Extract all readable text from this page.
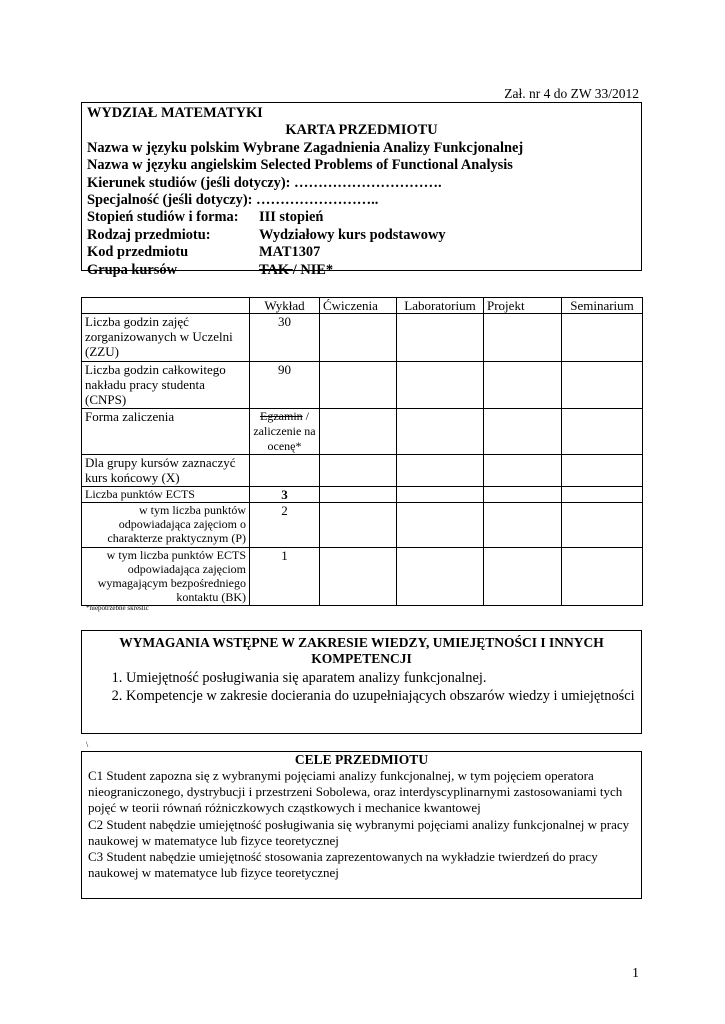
Zał. nr 4 do ZW 33/2012
WYDZIAŁ MATEMATYKI
KARTA PRZEDMIOTU
Nazwa w języku polskim Wybrane Zagadnienia Analizy Funkcjonalnej
Nazwa w języku angielskim Selected Problems of Functional Analysis
Kierunek studiów (jeśli dotyczy): ………………………….
Specjalność (jeśli dotyczy): ……………………..
Stopień studiów i forma:	III stopień
Rodzaj przedmiotu:	Wydziałowy kurs podstawowy
Kod przedmiotu	MAT1307
Grupa kursów	TAK / NIE*
	Wykład	Ćwiczenia	Laboratorium	Projekt	Seminarium
Liczba godzin zajęć zorganizowanych w Uczelni (ZZU)	30				
Liczba godzin całkowitego nakładu pracy studenta (CNPS)	90				
Forma zaliczenia	Egzamin / zaliczenie na ocenę*				
Dla grupy kursów zaznaczyć kurs końcowy (X)					
Liczba punktów ECTS	3				
w tym liczba punktów odpowiadająca zajęciom o charakterze praktycznym (P)	2				
w tym liczba punktów ECTS odpowiadająca zajęciom wymagającym bezpośredniego kontaktu (BK)	1				
*niepotrzebne skreślić
WYMAGANIA WSTĘPNE W ZAKRESIE WIEDZY, UMIEJĘTNOŚCI I INNYCH KOMPETENCJI
1. Umiejętność posługiwania się aparatem analizy funkcjonalnej.
2. Kompetencje w zakresie docierania do uzupełniających obszarów wiedzy i umiejętności
\
CELE PRZEDMIOTU

C1 Student zapozna się z wybranymi pojęciami analizy funkcjonalnej, w tym pojęciem operatora nieograniczonego, dystrybucji i przestrzeni Sobolewa, oraz interdyscyplinarnymi zastosowaniami tych pojęć w teorii równań różniczkowych cząstkowych i mechanice kwantowej

C2 Student nabędzie umiejętność posługiwania się wybranymi pojęciami analizy funkcjonalnej w pracy naukowej w matematyce lub fizyce teoretycznej

C3 Student nabędzie umiejętność stosowania zaprezentowanych na wykładzie twierdzeń do pracy naukowej w matematyce lub fizyce teoretycznej

1
